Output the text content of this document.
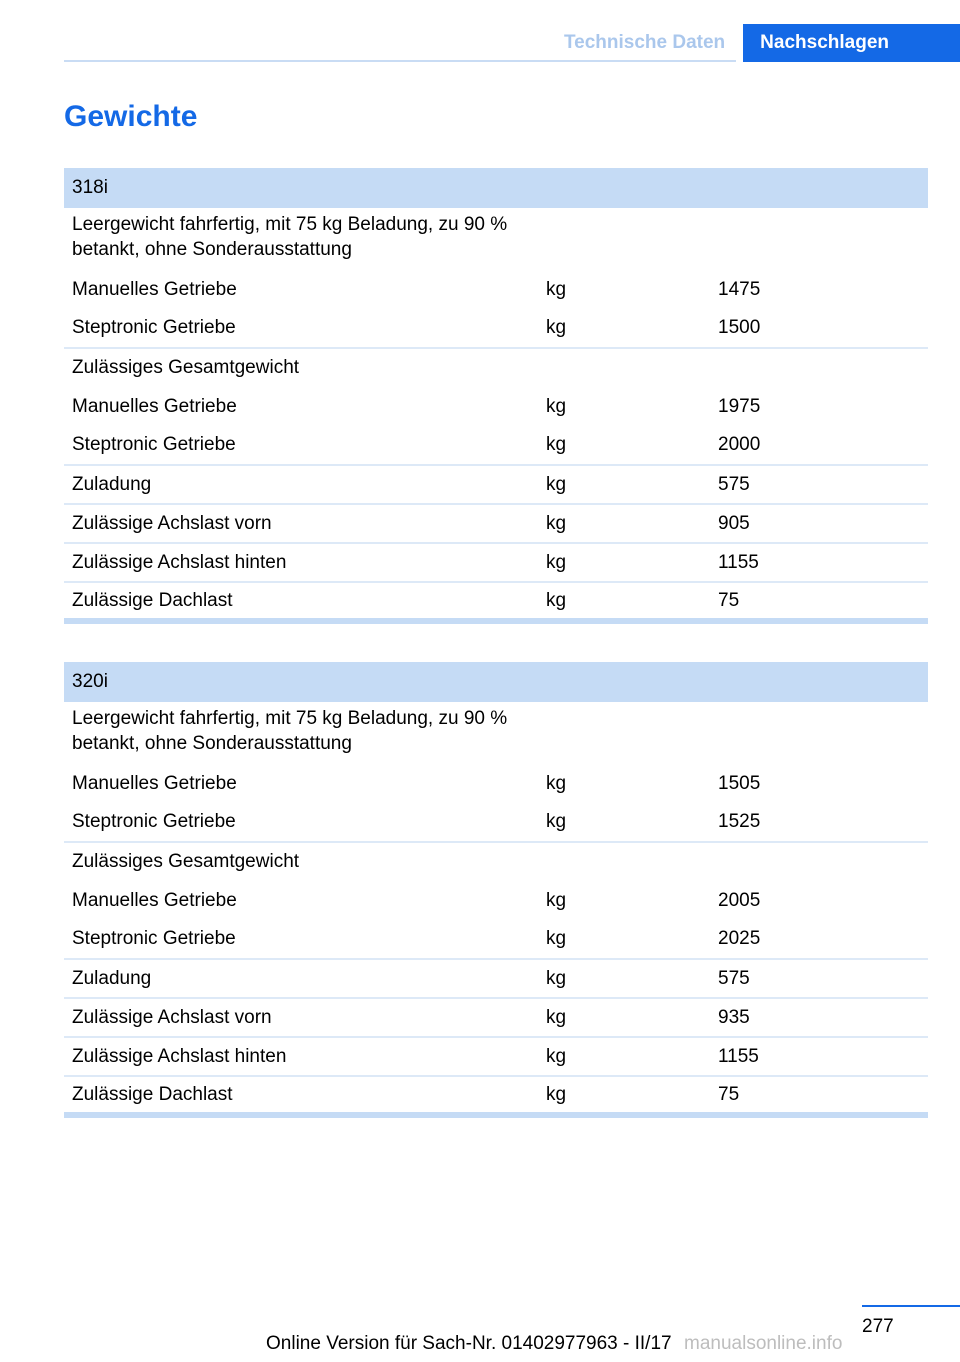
Technische Daten	Nachschlagen
Gewichte
318i		
Leergewicht fahrfertig, mit 75 kg Beladung, zu 90 % betankt, ohne Sonderausstattung		
Manuelles Getriebe	kg	1475
Steptronic Getriebe	kg	1500
Zulässiges Gesamtgewicht		
Manuelles Getriebe	kg	1975
Steptronic Getriebe	kg	2000
Zuladung	kg	575
Zulässige Achslast vorn	kg	905
Zulässige Achslast hinten	kg	1155
Zulässige Dachlast	kg	75
320i		
Leergewicht fahrfertig, mit 75 kg Beladung, zu 90 % betankt, ohne Sonderausstattung		
Manuelles Getriebe	kg	1505
Steptronic Getriebe	kg	1525
Zulässiges Gesamtgewicht		
Manuelles Getriebe	kg	2005
Steptronic Getriebe	kg	2025
Zuladung	kg	575
Zulässige Achslast vorn	kg	935
Zulässige Achslast hinten	kg	1155
Zulässige Dachlast	kg	75
277
Online Version für Sach-Nr. 01402977963 - II/17 manualsonline.info
